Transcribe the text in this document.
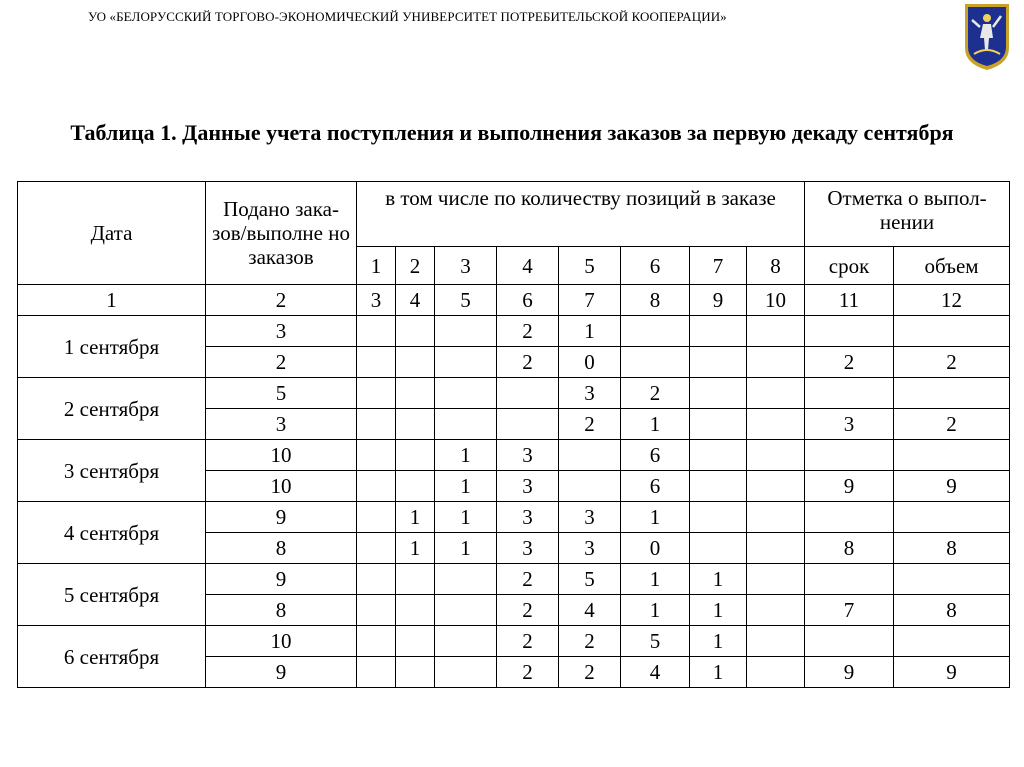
УО «БЕЛОРУССКИЙ ТОРГОВО-ЭКОНОМИЧЕСКИЙ УНИВЕРСИТЕТ ПОТРЕБИТЕЛЬСКОЙ КООПЕРАЦИИ»
Таблица 1. Данные учета поступления и выполнения заказов за первую декаду сентября
Дата	Подано зака-зов/выполне но заказов	в том числе по количеству позиций в заказе								Отметка о выпол-нении	
		1	2	3	4	5	6	7	8	срок	объем
1	2	3	4	5	6	7	8	9	10	11	12
1 сентября	3				2	1					
	2				2	0				2	2
2 сентября	5					3	2				
	3					2	1			3	2
3 сентября	10			1	3		6				
	10			1	3		6			9	9
4 сентября	9		1	1	3	3	1				
	8		1	1	3	3	0			8	8
5 сентября	9				2	5	1	1			
	8				2	4	1	1		7	8
6 сентября	10				2	2	5	1			
	9				2	2	4	1		9	9
